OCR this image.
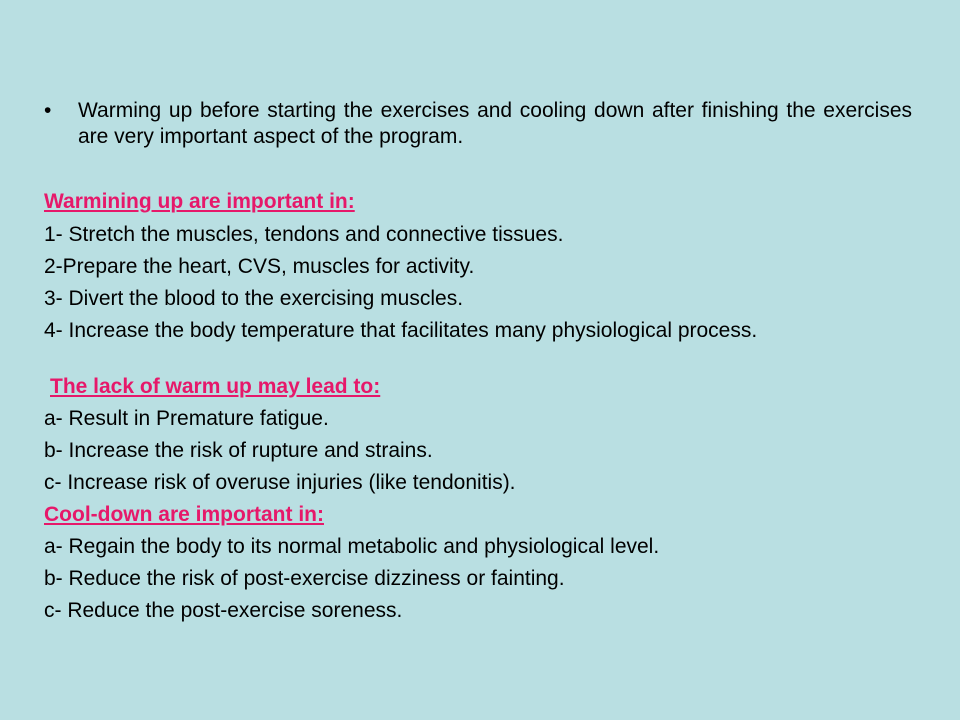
•	Warming up before starting the exercises and cooling down after finishing the exercises are very important aspect of the program.
Warmining up are important in:
1- Stretch the muscles, tendons and connective tissues.
2-Prepare the heart, CVS, muscles for activity.
3- Divert the blood to the exercising muscles.
4- Increase the body temperature that facilitates many physiological process.
The lack of warm up may lead to:
a- Result in Premature fatigue.
b- Increase the risk of rupture and strains.
c- Increase risk of overuse injuries (like tendonitis).
Cool-down are important in:
a- Regain the body to its normal metabolic and physiological level.
b- Reduce the risk of post-exercise dizziness or fainting.
c- Reduce the post-exercise soreness.
